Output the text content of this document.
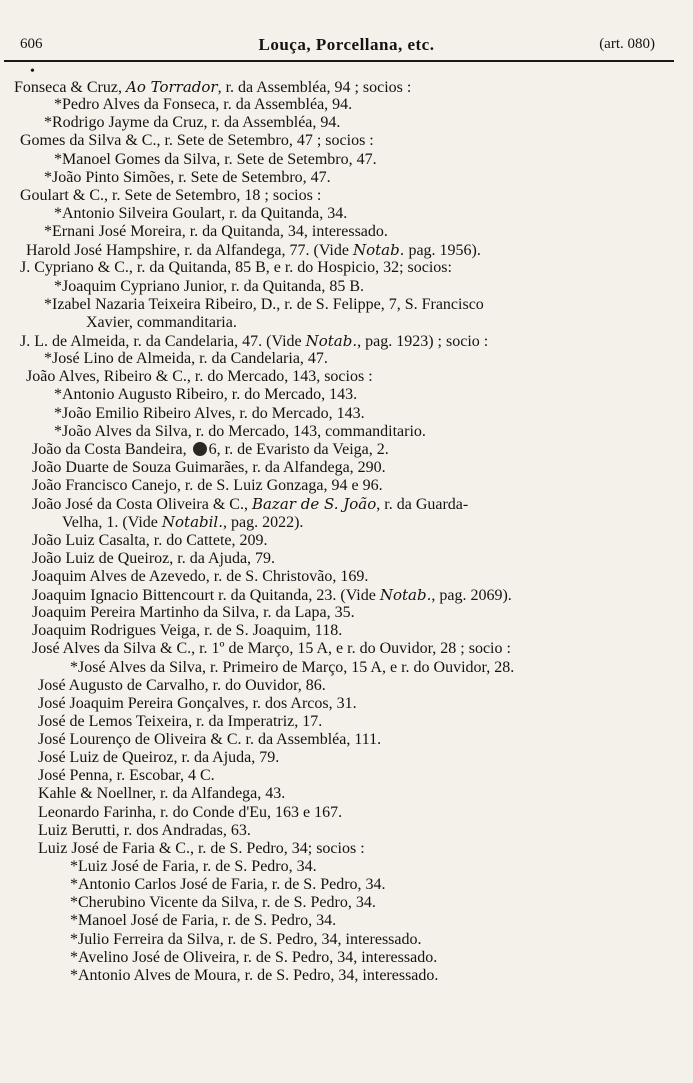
606	Louça, Porcellana, etc.	(art. 080)
•
Fonseca & Cruz, Ao Torrador, r. da Assembléa, 94 ; socios :
*Pedro Alves da Fonseca, r. da Assembléa, 94.
*Rodrigo Jayme da Cruz, r. da Assembléa, 94.
Gomes da Silva & C., r. Sete de Setembro, 47 ; socios :
*Manoel Gomes da Silva, r. Sete de Setembro, 47.
*João Pinto Simões, r. Sete de Setembro, 47.
Goulart & C., r. Sete de Setembro, 18 ; socios :
*Antonio Silveira Goulart, r. da Quitanda, 34.
*Ernani José Moreira, r. da Quitanda, 34, interessado.
Harold José Hampshire, r. da Alfandega, 77. (Vide Notab. pag. 1956).
J. Cypriano & C., r. da Quitanda, 85 B, e r. do Hospicio, 32; socios:
*Joaquim Cypriano Junior, r. da Quitanda, 85 B.
*Izabel Nazaria Teixeira Ribeiro, D., r. de S. Felippe, 7, S. Francisco
Xavier, commanditaria.
J. L. de Almeida, r. da Candelaria, 47. (Vide Notab., pag. 1923) ; socio :
*José Lino de Almeida, r. da Candelaria, 47.
João Alves, Ribeiro & C., r. do Mercado, 143, socios :
*Antonio Augusto Ribeiro, r. do Mercado, 143.
*João Emilio Ribeiro Alves, r. do Mercado, 143.
*João Alves da Silva, r. do Mercado, 143, commanditario.
João da Costa Bandeira, 6, r. de Evaristo da Veiga, 2.
João Duarte de Souza Guimarães, r. da Alfandega, 290.
João Francisco Canejo, r. de S. Luiz Gonzaga, 94 e 96.
João José da Costa Oliveira & C., Bazar de S. João, r. da Guarda-
Velha, 1. (Vide Notabil., pag. 2022).
João Luiz Casalta, r. do Cattete, 209.
João Luiz de Queiroz, r. da Ajuda, 79.
Joaquim Alves de Azevedo, r. de S. Christovão, 169.
Joaquim Ignacio Bittencourt r. da Quitanda, 23. (Vide Notab., pag. 2069).
Joaquim Pereira Martinho da Silva, r. da Lapa, 35.
Joaquim Rodrigues Veiga, r. de S. Joaquim, 118.
José Alves da Silva & C., r. 1º de Março, 15 A, e r. do Ouvidor, 28 ; socio :
*José Alves da Silva, r. Primeiro de Março, 15 A, e r. do Ouvidor, 28.
José Augusto de Carvalho, r. do Ouvidor, 86.
José Joaquim Pereira Gonçalves, r. dos Arcos, 31.
José de Lemos Teixeira, r. da Imperatriz, 17.
José Lourenço de Oliveira & C. r. da Assembléa, 111.
José Luiz de Queiroz, r. da Ajuda, 79.
José Penna, r. Escobar, 4 C.
Kahle & Noellner, r. da Alfandega, 43.
Leonardo Farinha, r. do Conde d'Eu, 163 e 167.
Luiz Berutti, r. dos Andradas, 63.
Luiz José de Faria & C., r. de S. Pedro, 34; socios :
*Luiz José de Faria, r. de S. Pedro, 34.
*Antonio Carlos José de Faria, r. de S. Pedro, 34.
*Cherubino Vicente da Silva, r. de S. Pedro, 34.
*Manoel José de Faria, r. de S. Pedro, 34.
*Julio Ferreira da Silva, r. de S. Pedro, 34, interessado.
*Avelino José de Oliveira, r. de S. Pedro, 34, interessado.
*Antonio Alves de Moura, r. de S. Pedro, 34, interessado.
